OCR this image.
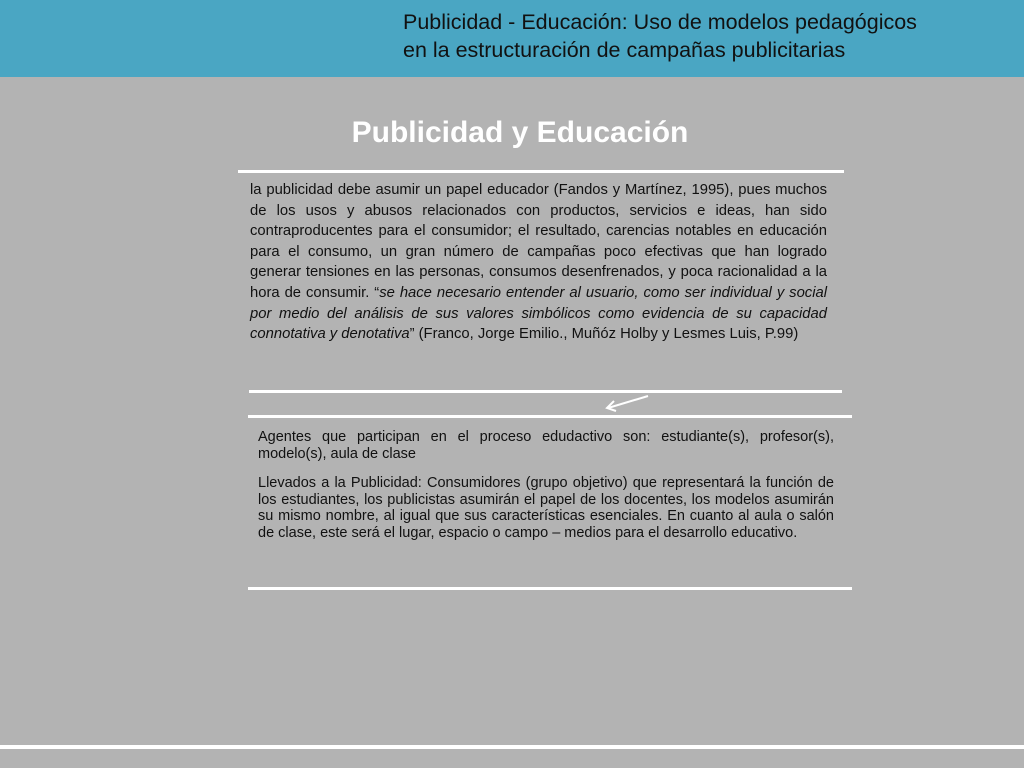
Publicidad - Educación: Uso de modelos pedagógicos
en la estructuración de campañas publicitarias
Publicidad y Educación

la publicidad debe asumir un papel educador (Fandos y Martínez, 1995), pues muchos de los usos y abusos relacionados con productos, servicios e ideas, han sido contraproducentes para el consumidor; el resultado, carencias notables en educación para el consumo, un gran número de campañas poco efectivas que han logrado generar tensiones en las personas, consumos desenfrenados, y poca racionalidad a la hora de consumir. “se hace necesario entender al usuario, como ser individual y social por medio del análisis de sus valores simbólicos como evidencia de su capacidad connotativa y denotativa” (Franco, Jorge Emilio., Muñóz Holby y Lesmes Luis, P.99)

Agentes que participan en el proceso edudactivo son: estudiante(s), profesor(s), modelo(s), aula de clase

Llevados a la Publicidad: Consumidores (grupo objetivo) que representará la función de los estudiantes, los publicistas asumirán el papel de los docentes, los modelos asumirán su mismo nombre, al igual que sus características esenciales. En cuanto al aula o salón de clase, este será el lugar, espacio o campo – medios para el desarrollo educativo.
